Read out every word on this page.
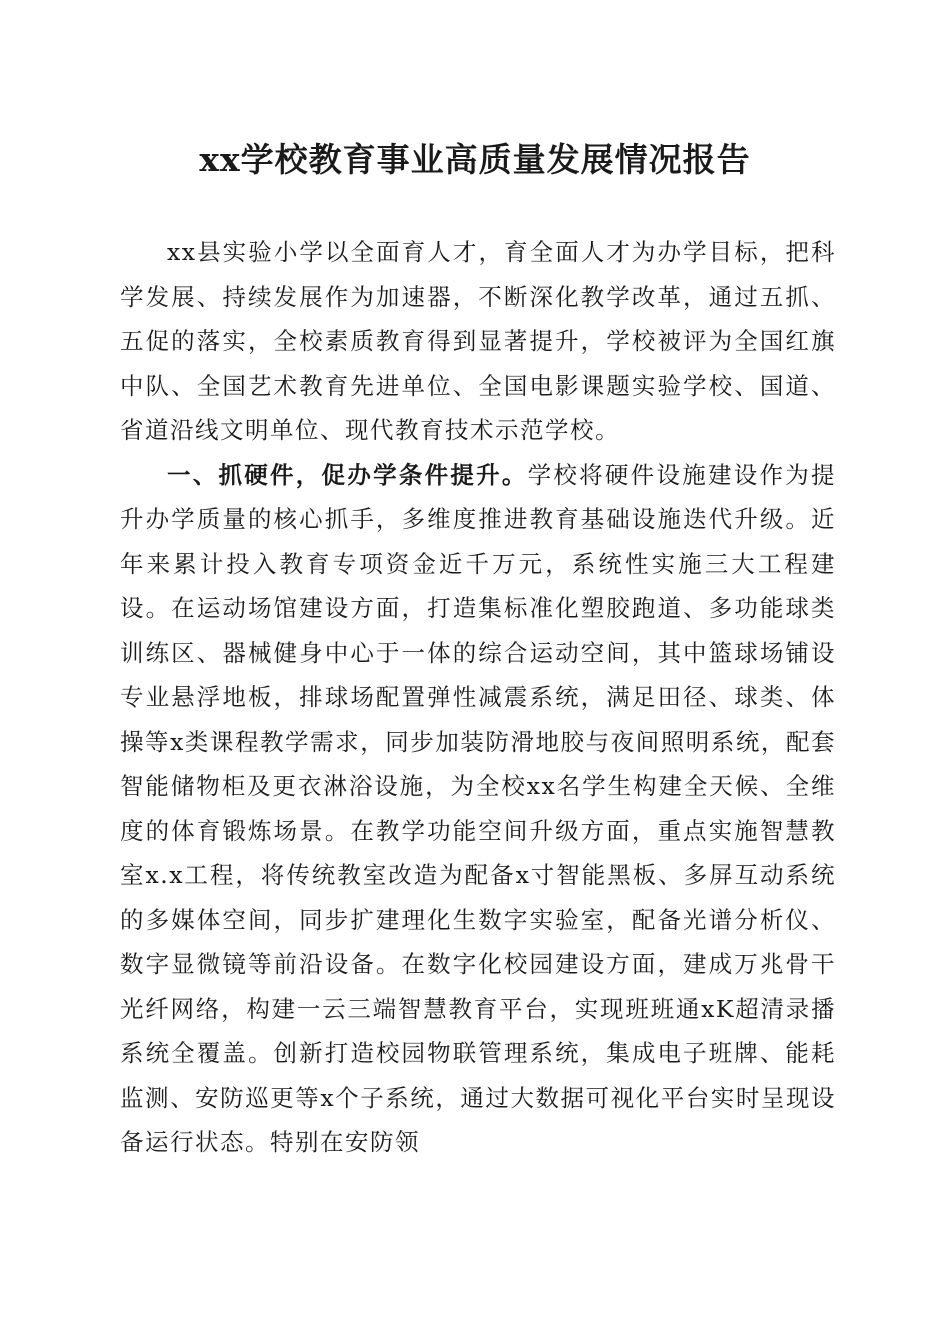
xx学校教育事业高质量发展情况报告

xx县实验小学以全面育人才，育全面人才为办学目标，把科学发展、持续发展作为加速器，不断深化教学改革，通过五抓、五促的落实，全校素质教育得到显著提升，学校被评为全国红旗中队、全国艺术教育先进单位、全国电影课题实验学校、国道、省道沿线文明单位、现代教育技术示范学校。

一、抓硬件，促办学条件提升。学校将硬件设施建设作为提升办学质量的核心抓手，多维度推进教育基础设施迭代升级。近年来累计投入教育专项资金近千万元，系统性实施三大工程建设。在运动场馆建设方面，打造集标准化塑胶跑道、多功能球类训练区、器械健身中心于一体的综合运动空间，其中篮球场铺设专业悬浮地板，排球场配置弹性减震系统，满足田径、球类、体操等x类课程教学需求，同步加装防滑地胶与夜间照明系统，配套智能储物柜及更衣淋浴设施，为全校xx名学生构建全天候、全维度的体育锻炼场景。在教学功能空间升级方面，重点实施智慧教室x.x工程，将传统教室改造为配备x寸智能黑板、多屏互动系统的多媒体空间，同步扩建理化生数字实验室，配备光谱分析仪、数字显微镜等前沿设备。在数字化校园建设方面，建成万兆骨干光纤网络，构建一云三端智慧教育平台，实现班班通xK超清录播系统全覆盖。创新打造校园物联管理系统，集成电子班牌、能耗监测、安防巡更等x个子系统，通过大数据可视化平台实时呈现设备运行状态。特别在安防领
